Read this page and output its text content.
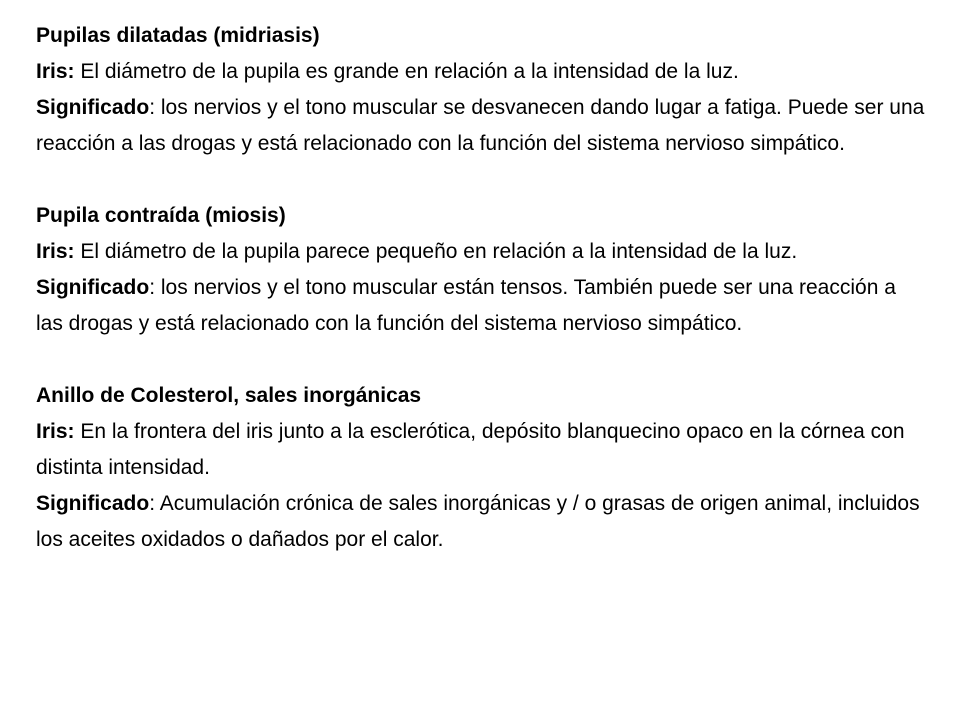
Pupilas dilatadas (midriasis)

Iris: El diámetro de la pupila es grande en relación a la intensidad de la luz.

Significado: los nervios y el tono muscular se desvanecen dando lugar a fatiga. Puede ser una reacción a las drogas y está relacionado con la función del sistema nervioso simpático.

Pupila contraída (miosis)

Iris: El diámetro de la pupila parece pequeño en relación a la intensidad de la luz.

Significado: los nervios y el tono muscular están tensos. También puede ser una reacción a las drogas y está relacionado con la función del sistema nervioso simpático.

Anillo de Colesterol, sales inorgánicas

Iris: En la frontera del iris junto a la esclerótica, depósito blanquecino opaco en la córnea con distinta intensidad.

Significado: Acumulación crónica de sales inorgánicas y / o grasas de origen animal, incluidos los aceites oxidados o dañados por el calor.
